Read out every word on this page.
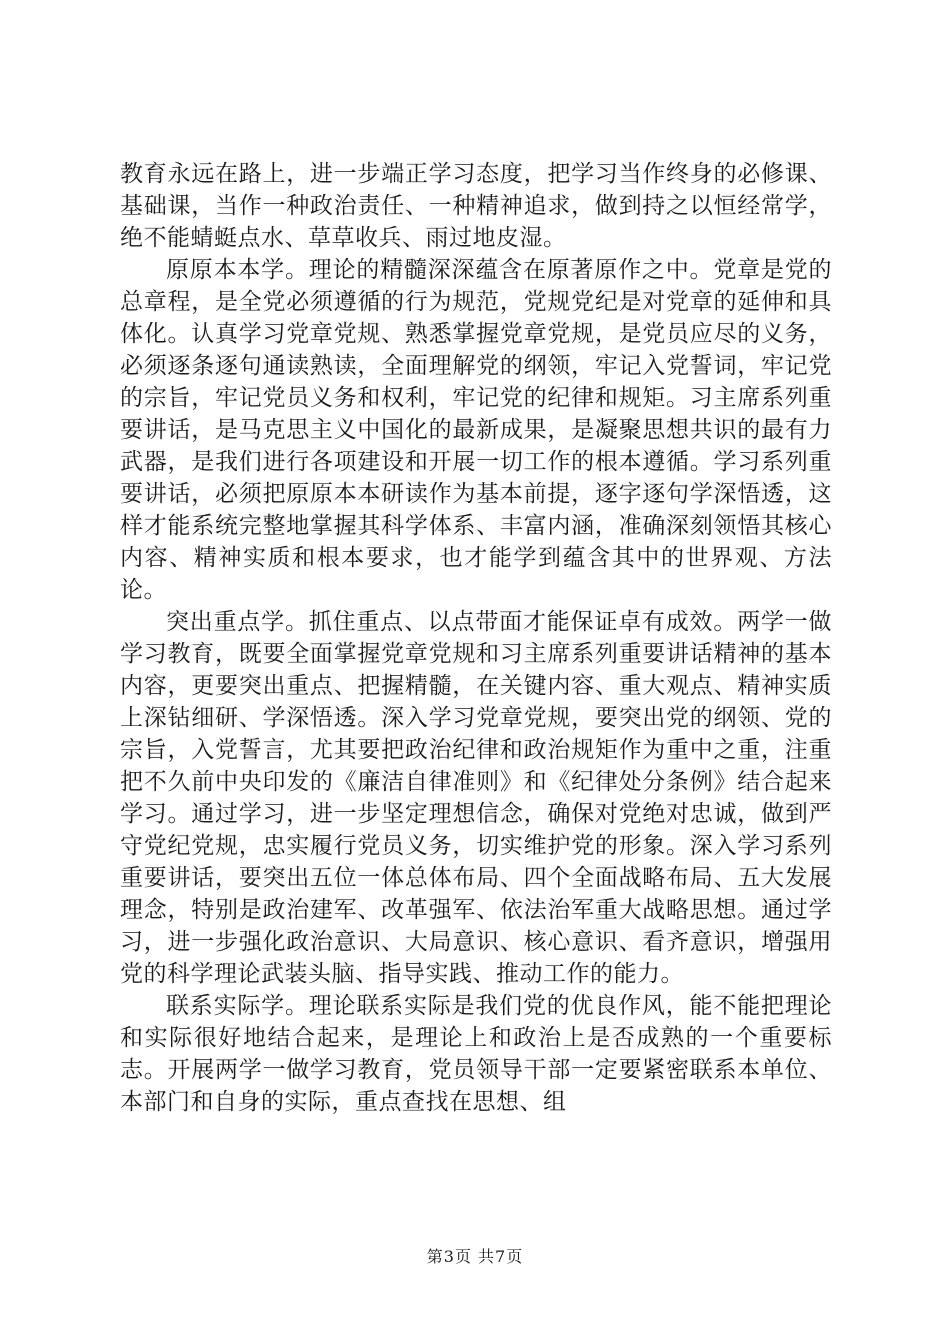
教育永远在路上，进一步端正学习态度，把学习当作终身的必修课、基础课，当作一种政治责任、一种精神追求，做到持之以恒经常学，绝不能蜻蜓点水、草草收兵、雨过地皮湿。

原原本本学。理论的精髓深深蕴含在原著原作之中。党章是党的总章程，是全党必须遵循的行为规范，党规党纪是对党章的延伸和具体化。认真学习党章党规、熟悉掌握党章党规，是党员应尽的义务，必须逐条逐句通读熟读，全面理解党的纲领，牢记入党誓词，牢记党的宗旨，牢记党员义务和权利，牢记党的纪律和规矩。习主席系列重要讲话，是马克思主义中国化的最新成果，是凝聚思想共识的最有力武器，是我们进行各项建设和开展一切工作的根本遵循。学习系列重要讲话，必须把原原本本研读作为基本前提，逐字逐句学深悟透，这样才能系统完整地掌握其科学体系、丰富内涵，准确深刻领悟其核心内容、精神实质和根本要求，也才能学到蕴含其中的世界观、方法论。

突出重点学。抓住重点、以点带面才能保证卓有成效。两学一做学习教育，既要全面掌握党章党规和习主席系列重要讲话精神的基本内容，更要突出重点、把握精髓，在关键内容、重大观点、精神实质上深钻细研、学深悟透。深入学习党章党规，要突出党的纲领、党的宗旨，入党誓言，尤其要把政治纪律和政治规矩作为重中之重，注重把不久前中央印发的《廉洁自律准则》和《纪律处分条例》结合起来学习。通过学习，进一步坚定理想信念，确保对党绝对忠诚，做到严守党纪党规，忠实履行党员义务，切实维护党的形象。深入学习系列重要讲话，要突出五位一体总体布局、四个全面战略布局、五大发展理念，特别是政治建军、改革强军、依法治军重大战略思想。通过学习，进一步强化政治意识、大局意识、核心意识、看齐意识，增强用党的科学理论武装头脑、指导实践、推动工作的能力。

联系实际学。理论联系实际是我们党的优良作风，能不能把理论和实际很好地结合起来，是理论上和政治上是否成熟的一个重要标志。开展两学一做学习教育，党员领导干部一定要紧密联系本单位、本部门和自身的实际，重点查找在思想、组

第3页 共7页
